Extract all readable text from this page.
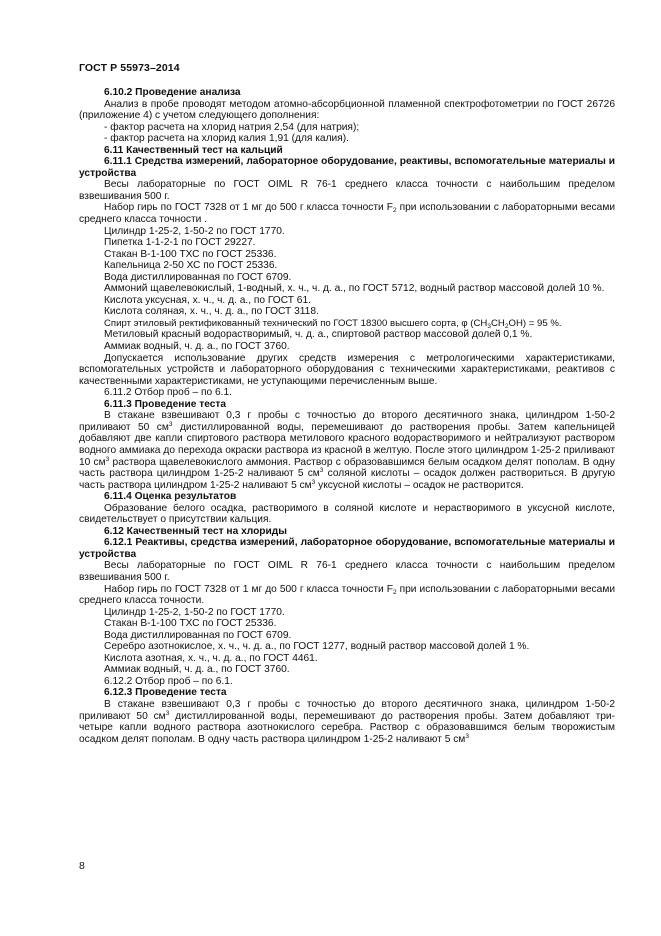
ГОСТ Р 55973–2014

6.10.2 Проведение анализа

Анализ в пробе проводят методом атомно-абсорбционной пламенной спектрофотометрии по ГОСТ 26726 (приложение 4) с учетом следующего дополнения:

- фактор расчета на хлорид натрия 2,54 (для натрия);

- фактор расчета на хлорид калия 1,91 (для калия).

6.11 Качественный тест на кальций

6.11.1 Средства измерений, лабораторное оборудование, реактивы, вспомогательные материалы и устройства

Весы лабораторные по ГОСТ OIML R 76-1 среднего класса точности с наибольшим пределом взвешивания 500 г.

Набор гирь по ГОСТ 7328 от 1 мг до 500 г класса точности $F_2$ при использовании с лабораторными весами среднего класса точности .

Цилиндр 1-25-2, 1-50-2 по ГОСТ 1770.

Пипетка 1-1-2-1 по ГОСТ 29227.

Стакан В-1-100 ТХС по ГОСТ 25336.

Капельница 2-50 ХС по ГОСТ 25336.

Вода дистиллированная по ГОСТ 6709.

Аммоний щавелевокислый, 1-водный, х. ч., ч. д. а., по ГОСТ 5712, водный раствор массовой долей 10 %.

Кислота уксусная, х. ч., ч. д. а., по ГОСТ 61.

Кислота соляная, х. ч., ч. д. а., по ГОСТ 3118.

Спирт этиловый ректификованный технический по ГОСТ 18300 высшего сорта, φ $(CH_3CH_2OH) = 95$ %.

Метиловый красный водорастворимый, ч. д. а., спиртовой раствор массовой долей 0,1 %.

Аммиак водный, ч. д. а., по ГОСТ 3760.

Допускается использование других средств измерения с метрологическими характеристиками, вспомогательных устройств и лабораторного оборудования с техническими характеристиками, реактивов с качественными характеристиками, не уступающими перечисленным выше.

6.11.2 Отбор проб – по 6.1.

6.11.3 Проведение теста

В стакане взвешивают 0,3 г пробы с точностью до второго десятичного знака, цилиндром 1-50-2 приливают 50 $см^3$ дистиллированной воды, перемешивают до растворения пробы. Затем капельницей добавляют две капли спиртового раствора метилового красного водорастворимого и нейтрализуют раствором водного аммиака до перехода окраски раствора из красной в желтую. После этого цилиндром 1-25-2 приливают 10 $см^3$ раствора щавелевокислого аммония. Раствор с образовавшимся белым осадком делят пополам. В одну часть раствора цилиндром 1-25-2 наливают 5 $см^3$ соляной кислоты – осадок должен раствориться. В другую часть раствора цилиндром 1-25-2 наливают 5 $см^3$ уксусной кислоты – осадок не растворится.

6.11.4 Оценка результатов

Образование белого осадка, растворимого в соляной кислоте и нерастворимого в уксусной кислоте, свидетельствует о присутствии кальция.

6.12 Качественный тест на хлориды

6.12.1 Реактивы, средства измерений, лабораторное оборудование, вспомогательные материалы и устройства

Весы лабораторные по ГОСТ OIML R 76-1 среднего класса точности с наибольшим пределом взвешивания 500 г.

Набор гирь по ГОСТ 7328 от 1 мг до 500 г класса точности $F_2$ при использовании с лабораторными весами среднего класса точности.

Цилиндр 1-25-2, 1-50-2 по ГОСТ 1770.

Стакан В-1-100 ТХС по ГОСТ 25336.

Вода дистиллированная по ГОСТ 6709.

Серебро азотнокислое, х. ч., ч. д. а., по ГОСТ 1277, водный раствор массовой долей 1 %.

Кислота азотная, х. ч., ч. д. а., по ГОСТ 4461.

Аммиак водный, ч. д. а., по ГОСТ 3760.

6.12.2 Отбор проб – по 6.1.

6.12.3 Проведение теста

В стакане взвешивают 0,3 г пробы с точностью до второго десятичного знака, цилиндром 1-50-2 приливают 50 $см^3$ дистиллированной воды, перемешивают до растворения пробы. Затем добавляют три-четыре капли водного раствора азотнокислого серебра. Раствор с образовавшимся белым творожистым осадком делят пополам. В одну часть раствора цилиндром 1-25-2 наливают 5 $см^3$

8
